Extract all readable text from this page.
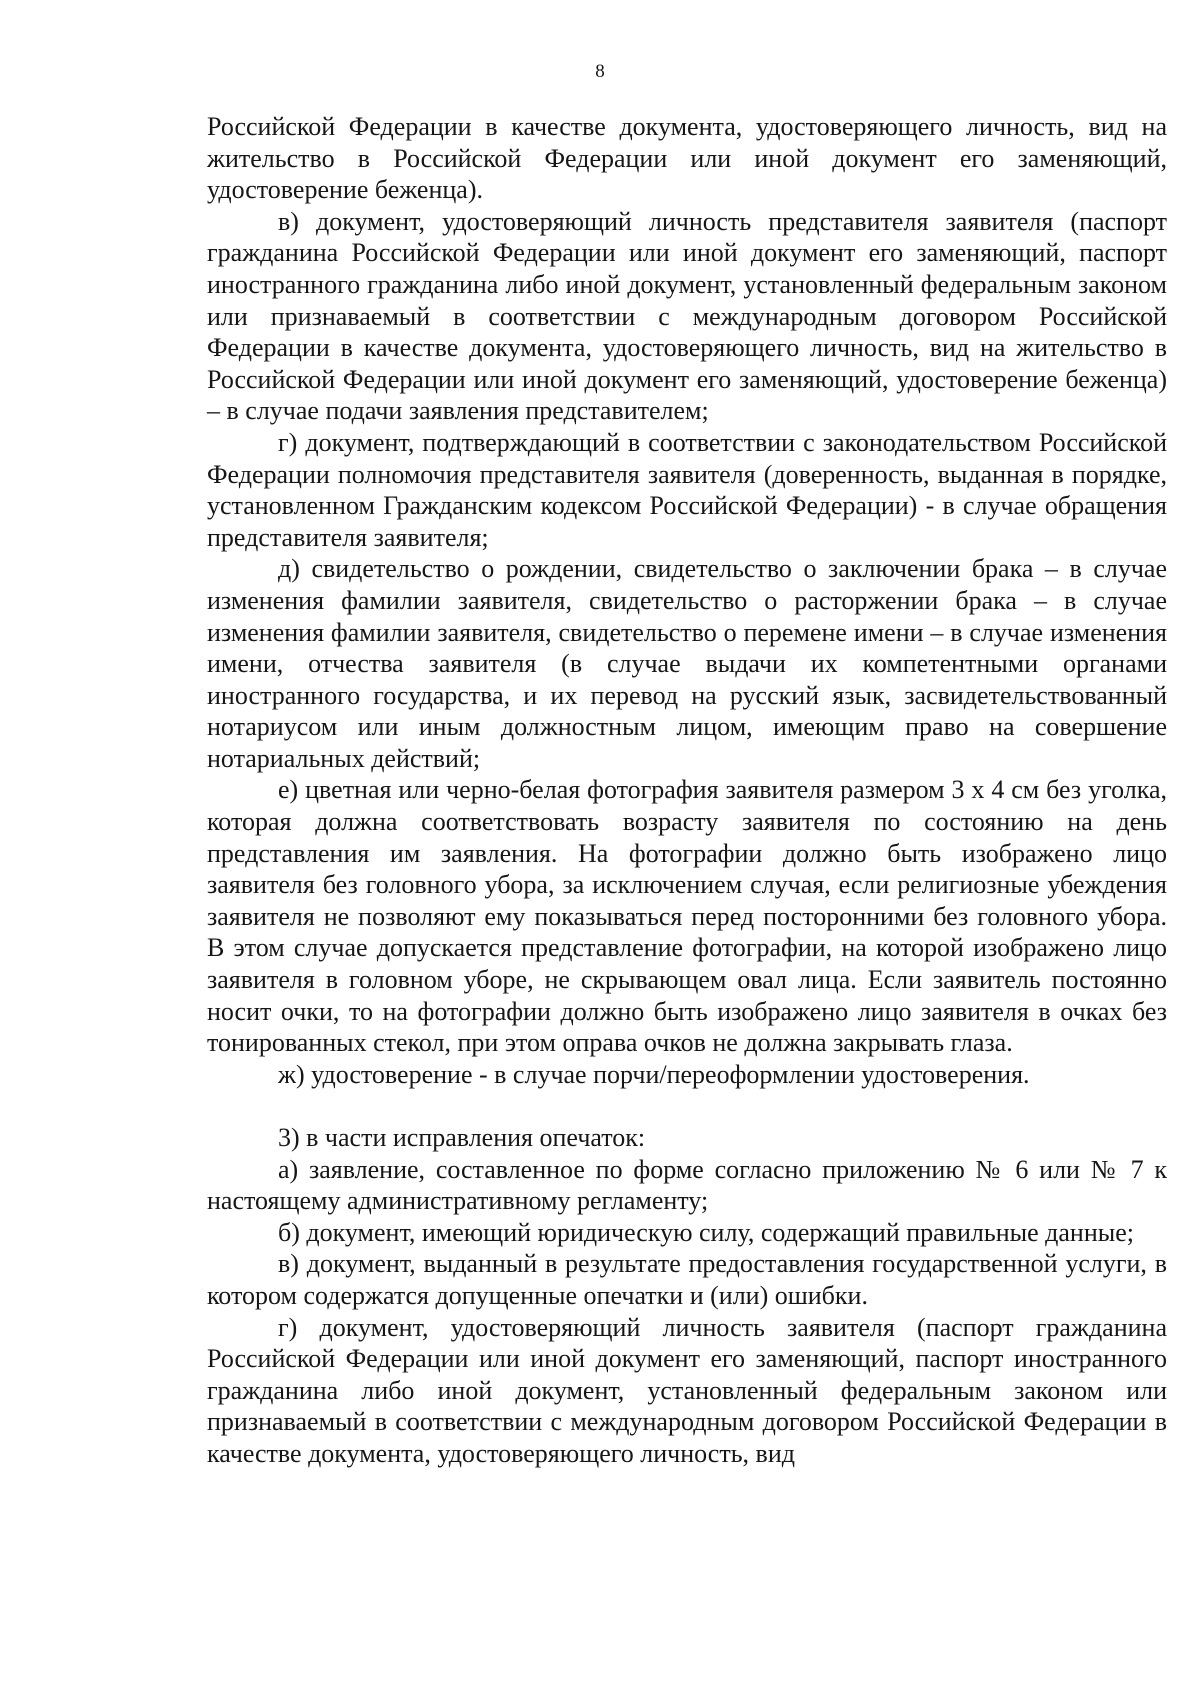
8

Российской Федерации в качестве документа, удостоверяющего личность, вид на жительство в Российской Федерации или иной документ его заменяющий, удостоверение беженца).

в) документ, удостоверяющий личность представителя заявителя (паспорт гражданина Российской Федерации или иной документ его заменяющий, паспорт иностранного гражданина либо иной документ, установленный федеральным законом или признаваемый в соответствии с международным договором Российской Федерации в качестве документа, удостоверяющего личность, вид на жительство в Российской Федерации или иной документ его заменяющий, удостоверение беженца) – в случае подачи заявления представителем;

г) документ, подтверждающий в соответствии с законодательством Российской Федерации полномочия представителя заявителя (доверенность, выданная в порядке, установленном Гражданским кодексом Российской Федерации) - в случае обращения представителя заявителя;

д) свидетельство о рождении, свидетельство о заключении брака – в случае изменения фамилии заявителя, свидетельство о расторжении брака – в случае изменения фамилии заявителя, свидетельство о перемене имени – в случае изменения имени, отчества заявителя (в случае выдачи их компетентными органами иностранного государства, и их перевод на русский язык, засвидетельствованный нотариусом или иным должностным лицом, имеющим право на совершение нотариальных действий;

е) цветная или черно-белая фотография заявителя размером 3 х 4 см без уголка, которая должна соответствовать возрасту заявителя по состоянию на день представления им заявления. На фотографии должно быть изображено лицо заявителя без головного убора, за исключением случая, если религиозные убеждения заявителя не позволяют ему показываться перед посторонними без головного убора. В этом случае допускается представление фотографии, на которой изображено лицо заявителя в головном уборе, не скрывающем овал лица. Если заявитель постоянно носит очки, то на фотографии должно быть изображено лицо заявителя в очках без тонированных стекол, при этом оправа очков не должна закрывать глаза.

ж) удостоверение - в случае порчи/переоформлении удостоверения.

3) в части исправления опечаток:

а) заявление, составленное по форме согласно приложению № 6 или № 7 к настоящему административному регламенту;

б) документ, имеющий юридическую силу, содержащий правильные данные;

в) документ, выданный в результате предоставления государственной услуги, в котором содержатся допущенные опечатки и (или) ошибки.

г) документ, удостоверяющий личность заявителя (паспорт гражданина Российской Федерации или иной документ его заменяющий, паспорт иностранного гражданина либо иной документ, установленный федеральным законом или признаваемый в соответствии с международным договором Российской Федерации в качестве документа, удостоверяющего личность, вид
